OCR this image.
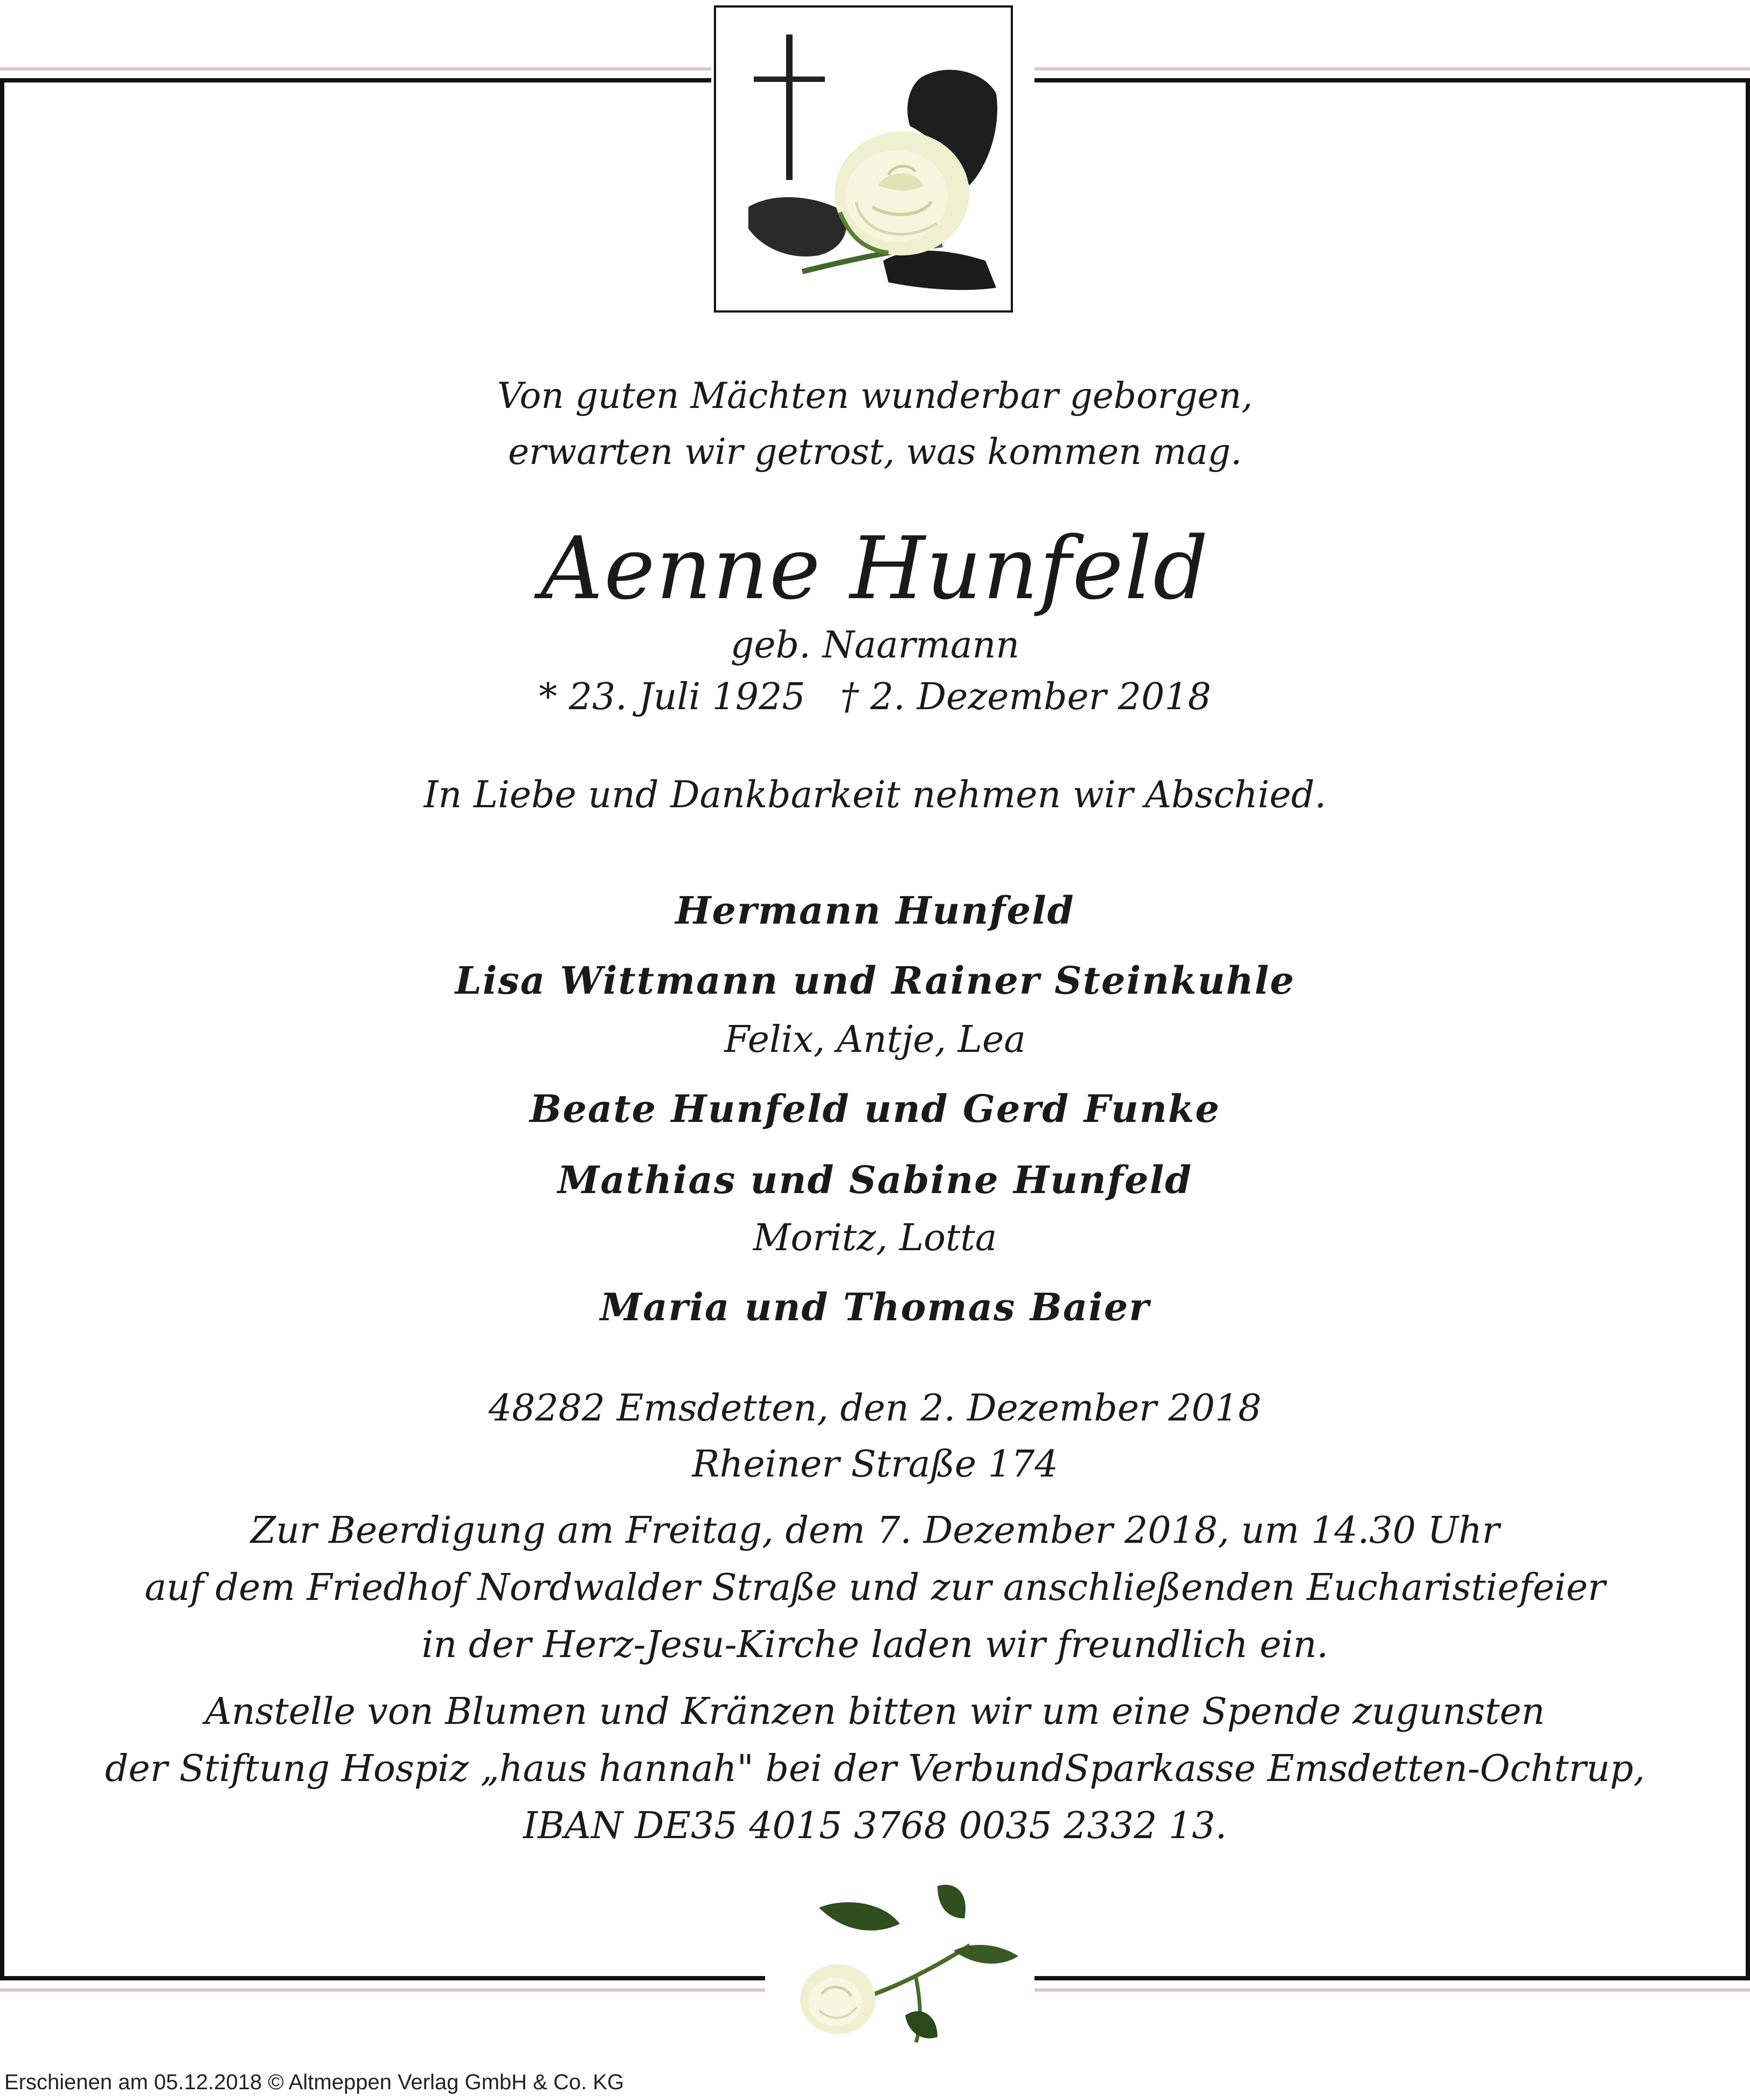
Von guten Mächten wunderbar geborgen,

erwarten wir getrost, was kommen mag.

Aenne Hunfeld

geb. Naarmann

* 23. Juli 1925   † 2. Dezember 2018

In Liebe und Dankbarkeit nehmen wir Abschied.

Hermann Hunfeld

Lisa Wittmann und Rainer Steinkuhle

Felix, Antje, Lea

Beate Hunfeld und Gerd Funke

Mathias und Sabine Hunfeld

Moritz, Lotta

Maria und Thomas Baier

48282 Emsdetten, den 2. Dezember 2018

Rheiner Straße 174

Zur Beerdigung am Freitag, dem 7. Dezember 2018, um 14.30 Uhr

auf dem Friedhof Nordwalder Straße und zur anschließenden Eucharistiefeier

in der Herz-Jesu-Kirche laden wir freundlich ein.

Anstelle von Blumen und Kränzen bitten wir um eine Spende zugunsten

der Stiftung Hospiz „haus hannah" bei der VerbundSparkasse Emsdetten-Ochtrup,

IBAN DE35 4015 3768 0035 2332 13.

Erschienen am 05.12.2018 © Altmeppen Verlag GmbH & Co. KG
